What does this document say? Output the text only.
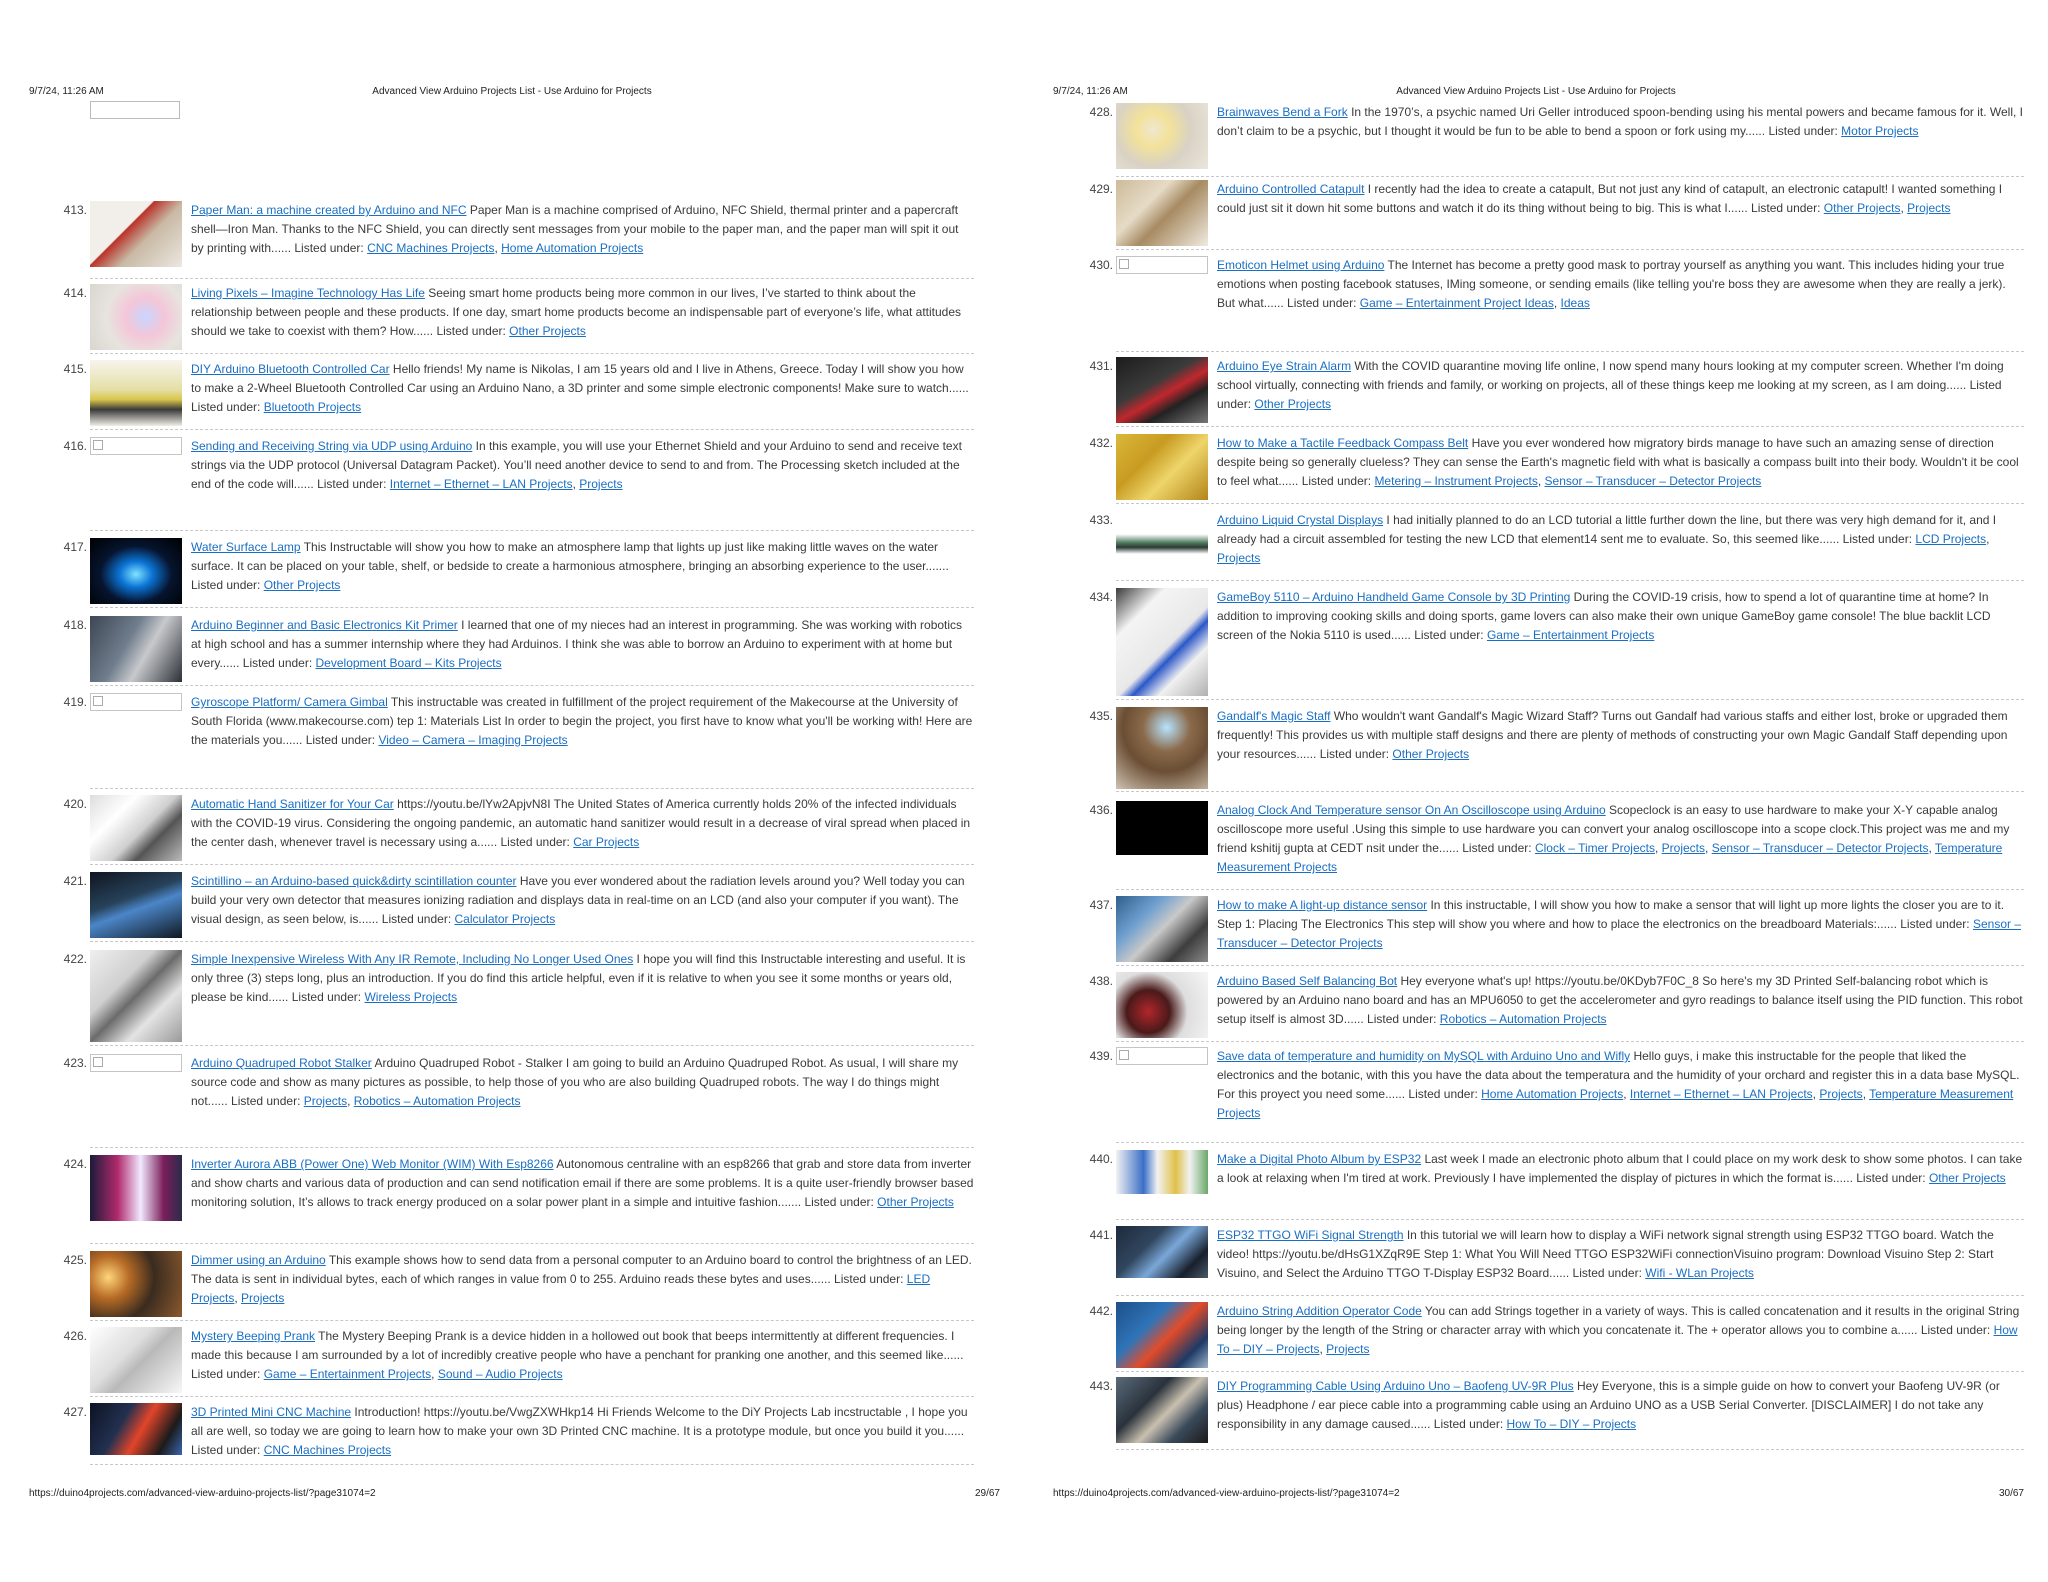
9/7/24, 11:26 AM	Advanced View Arduino Projects List - Use Arduino for Projects
413.	Paper Man: a machine created by Arduino and NFC Paper Man is a machine comprised of Arduino, NFC Shield, thermal printer and a papercraft shell—Iron Man. Thanks to the NFC Shield, you can directly sent messages from your mobile to the paper man, and the paper man will spit it out by printing with...... Listed under: CNC Machines Projects, Home Automation Projects
414.	Living Pixels – Imagine Technology Has Life Seeing smart home products being more common in our lives, I’ve started to think about the relationship between people and these products. If one day, smart home products become an indispensable part of everyone’s life, what attitudes should we take to coexist with them? How...... Listed under: Other Projects
415.	DIY Arduino Bluetooth Controlled Car Hello friends! My name is Nikolas, I am 15 years old and I live in Athens, Greece. Today I will show you how to make a 2-Wheel Bluetooth Controlled Car using an Arduino Nano, a 3D printer and some simple electronic components! Make sure to watch...... Listed under: Bluetooth Projects
416.	Sending and Receiving String via UDP using Arduino In this example, you will use your Ethernet Shield and your Arduino to send and receive text strings via the UDP protocol (Universal Datagram Packet). You’ll need another device to send to and from. The Processing sketch included at the end of the code will...... Listed under: Internet – Ethernet – LAN Projects, Projects
417.	Water Surface Lamp This Instructable will show you how to make an atmosphere lamp that lights up just like making little waves on the water surface. It can be placed on your table, shelf, or bedside to create a harmonious atmosphere, bringing an absorbing experience to the user....... Listed under: Other Projects
418.	Arduino Beginner and Basic Electronics Kit Primer I learned that one of my nieces had an interest in programming. She was working with robotics at high school and has a summer internship where they had Arduinos. I think she was able to borrow an Arduino to experiment with at home but every...... Listed under: Development Board – Kits Projects
419.	Gyroscope Platform/ Camera Gimbal This instructable was created in fulfillment of the project requirement of the Makecourse at the University of South Florida (www.makecourse.com) tep 1: Materials List In order to begin the project, you first have to know what you'll be working with! Here are the materials you...... Listed under: Video – Camera – Imaging Projects
420.	Automatic Hand Sanitizer for Your Car https://youtu.be/lYw2ApjvN8I The United States of America currently holds 20% of the infected individuals with the COVID-19 virus. Considering the ongoing pandemic, an automatic hand sanitizer would result in a decrease of viral spread when placed in the center dash, whenever travel is necessary using a...... Listed under: Car Projects
421.	Scintillino – an Arduino-based quick&dirty scintillation counter Have you ever wondered about the radiation levels around you? Well today you can build your very own detector that measures ionizing radiation and displays data in real-time on an LCD (and also your computer if you want). The visual design, as seen below, is...... Listed under: Calculator Projects
422.	Simple Inexpensive Wireless With Any IR Remote, Including No Longer Used Ones I hope you will find this Instructable interesting and useful. It is only three (3) steps long, plus an introduction. If you do find this article helpful, even if it is relative to when you see it some months or years old, please be kind...... Listed under: Wireless Projects
423.	Arduino Quadruped Robot Stalker Arduino Quadruped Robot - Stalker I am going to build an Arduino Quadruped Robot. As usual, I will share my source code and show as many pictures as possible, to help those of you who are also building Quadruped robots. The way I do things might not...... Listed under: Projects, Robotics – Automation Projects
424.	Inverter Aurora ABB (Power One) Web Monitor (WIM) With Esp8266 Autonomous centraline with an esp8266 that grab and store data from inverter and show charts and various data of production and can send notification email if there are some problems. It is a quite user-friendly browser based monitoring solution, It’s allows to track energy produced on a solar power plant in a simple and intuitive fashion....... Listed under: Other Projects
425.	Dimmer using an Arduino This example shows how to send data from a personal computer to an Arduino board to control the brightness of an LED. The data is sent in individual bytes, each of which ranges in value from 0 to 255. Arduino reads these bytes and uses...... Listed under: LED Projects, Projects
426.	Mystery Beeping Prank The Mystery Beeping Prank is a device hidden in a hollowed out book that beeps intermittently at different frequencies. I made this because I am surrounded by a lot of incredibly creative people who have a penchant for pranking one another, and this seemed like...... Listed under: Game – Entertainment Projects, Sound – Audio Projects
427.	3D Printed Mini CNC Machine Introduction! https://youtu.be/VwgZXWHkp14 Hi Friends Welcome to the DiY Projects Lab incstructable , I hope you all are well, so today we are going to learn how to make your own 3D Printed CNC machine. It is a prototype module, but once you build it you...... Listed under: CNC Machines Projects
https://duino4projects.com/advanced-view-arduino-projects-list/?page31074=2	29/67
9/7/24, 11:26 AM	Advanced View Arduino Projects List - Use Arduino for Projects
428.	Brainwaves Bend a Fork In the 1970’s, a psychic named Uri Geller introduced spoon-bending using his mental powers and became famous for it. Well, I don’t claim to be a psychic, but I thought it would be fun to be able to bend a spoon or fork using my...... Listed under: Motor Projects
429.	Arduino Controlled Catapult I recently had the idea to create a catapult, But not just any kind of catapult, an electronic catapult! I wanted something I could just sit it down hit some buttons and watch it do its thing without being to big. This is what I...... Listed under: Other Projects, Projects
430.	Emoticon Helmet using Arduino The Internet has become a pretty good mask to portray yourself as anything you want. This includes hiding your true emotions when posting facebook statuses, IMing someone, or sending emails (like telling you're boss they are awesome when they are really a jerk). But what...... Listed under: Game – Entertainment Project Ideas, Ideas
431.	Arduino Eye Strain Alarm With the COVID quarantine moving life online, I now spend many hours looking at my computer screen. Whether I'm doing school virtually, connecting with friends and family, or working on projects, all of these things keep me looking at my screen, as I am doing...... Listed under: Other Projects
432.	How to Make a Tactile Feedback Compass Belt Have you ever wondered how migratory birds manage to have such an amazing sense of direction despite being so generally clueless? They can sense the Earth's magnetic field with what is basically a compass built into their body. Wouldn't it be cool to feel what...... Listed under: Metering – Instrument Projects, Sensor – Transducer – Detector Projects
433.	Arduino Liquid Crystal Displays I had initially planned to do an LCD tutorial a little further down the line, but there was very high demand for it, and I already had a circuit assembled for testing the new LCD that element14 sent me to evaluate. So, this seemed like...... Listed under: LCD Projects, Projects
434.	GameBoy 5110 – Arduino Handheld Game Console by 3D Printing During the COVID-19 crisis, how to spend a lot of quarantine time at home? In addition to improving cooking skills and doing sports, game lovers can also make their own unique GameBoy game console! The blue backlit LCD screen of the Nokia 5110 is used...... Listed under: Game – Entertainment Projects
435.	Gandalf's Magic Staff Who wouldn't want Gandalf's Magic Wizard Staff? Turns out Gandalf had various staffs and either lost, broke or upgraded them frequently! This provides us with multiple staff designs and there are plenty of methods of constructing your own Magic Gandalf Staff depending upon your resources...... Listed under: Other Projects
436.	Analog Clock And Temperature sensor On An Oscilloscope using Arduino Scopeclock is an easy to use hardware to make your X-Y capable analog oscilloscope more useful .Using this simple to use hardware you can convert your analog oscilloscope into a scope clock.This project was me and my friend kshitij gupta at CEDT nsit under the...... Listed under: Clock – Timer Projects, Projects, Sensor – Transducer – Detector Projects, Temperature Measurement Projects
437.	How to make A light-up distance sensor In this instructable, I will show you how to make a sensor that will light up more lights the closer you are to it. Step 1: Placing The Electronics This step will show you where and how to place the electronics on the breadboard Materials:...... Listed under: Sensor – Transducer – Detector Projects
438.	Arduino Based Self Balancing Bot Hey everyone what's up! https://youtu.be/0KDyb7F0C_8 So here's my 3D Printed Self-balancing robot which is powered by an Arduino nano board and has an MPU6050 to get the accelerometer and gyro readings to balance itself using the PID function. This robot setup itself is almost 3D...... Listed under: Robotics – Automation Projects
439.	Save data of temperature and humidity on MySQL with Arduino Uno and Wifly Hello guys, i make this instructable for the people that liked the electronics and the botanic, with this you have the data about the temperatura and the humidity of your orchard and register this in a data base MySQL. For this proyect you need some...... Listed under: Home Automation Projects, Internet – Ethernet – LAN Projects, Projects, Temperature Measurement Projects
440.	Make a Digital Photo Album by ESP32 Last week I made an electronic photo album that I could place on my work desk to show some photos. I can take a look at relaxing when I'm tired at work. Previously I have implemented the display of pictures in which the format is...... Listed under: Other Projects
441.	ESP32 TTGO WiFi Signal Strength In this tutorial we will learn how to display a WiFi network signal strength using ESP32 TTGO board. Watch the video! https://youtu.be/dHsG1XZqR9E Step 1: What You Will Need TTGO ESP32WiFi connectionVisuino program: Download Visuino Step 2: Start Visuino, and Select the Arduino TTGO T-Display ESP32 Board...... Listed under: Wifi - WLan Projects
442.	Arduino String Addition Operator Code You can add Strings together in a variety of ways. This is called concatenation and it results in the original String being longer by the length of the String or character array with which you concatenate it. The + operator allows you to combine a...... Listed under: How To – DIY – Projects, Projects
443.	DIY Programming Cable Using Arduino Uno – Baofeng UV-9R Plus Hey Everyone, this is a simple guide on how to convert your Baofeng UV-9R (or plus) Headphone / ear piece cable into a programming cable using an Arduino UNO as a USB Serial Converter. [DISCLAIMER] I do not take any responsibility in any damage caused...... Listed under: How To – DIY – Projects
https://duino4projects.com/advanced-view-arduino-projects-list/?page31074=2	30/67
